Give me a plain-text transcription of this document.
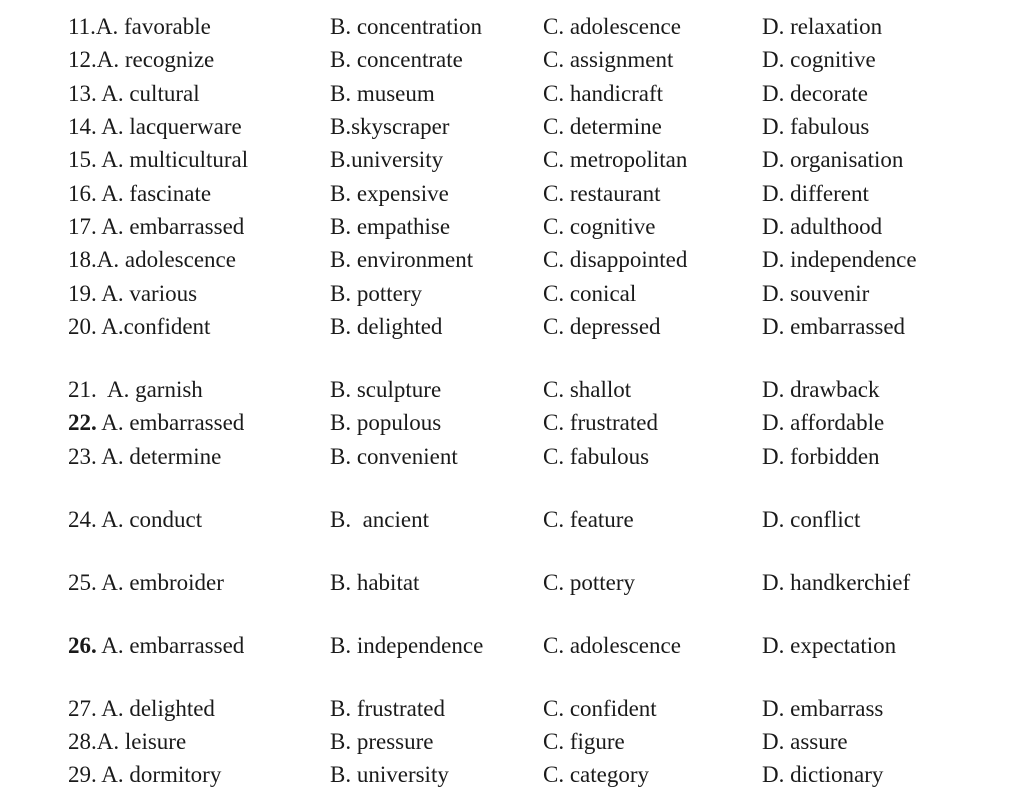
11.A. favorable	B. concentration	C. adolescence	D. relaxation
12.A. recognize	B. concentrate	C. assignment	D. cognitive
13. A. cultural	B. museum	C. handicraft	D. decorate
14. A. lacquerware	B.skyscraper	C. determine	D. fabulous
15. A. multicultural	B.university	C. metropolitan	D. organisation
16. A. fascinate	B. expensive	C. restaurant	D. different
17. A. embarrassed	B. empathise	C. cognitive	D. adulthood
18.A. adolescence	B. environment	C. disappointed	D. independence
19. A. various	B. pottery	C. conical	D. souvenir
20. A.confident	B. delighted	C. depressed	D. embarrassed
21. A. garnish	B. sculpture	C. shallot	D. drawback
22. A. embarrassed	B. populous	C. frustrated	D. affordable
23. A. determine	B. convenient	C. fabulous	D. forbidden
24. A. conduct	B.  ancient	C. feature	D. conflict
25. A. embroider	B. habitat	C. pottery	D. handkerchief
26. A. embarrassed	B. independence	C. adolescence	D. expectation
27. A. delighted	B. frustrated	C. confident	D. embarrass
28.A. leisure	B. pressure	C. figure	D. assure
29. A. dormitory	B. university	C. category	D. dictionary
